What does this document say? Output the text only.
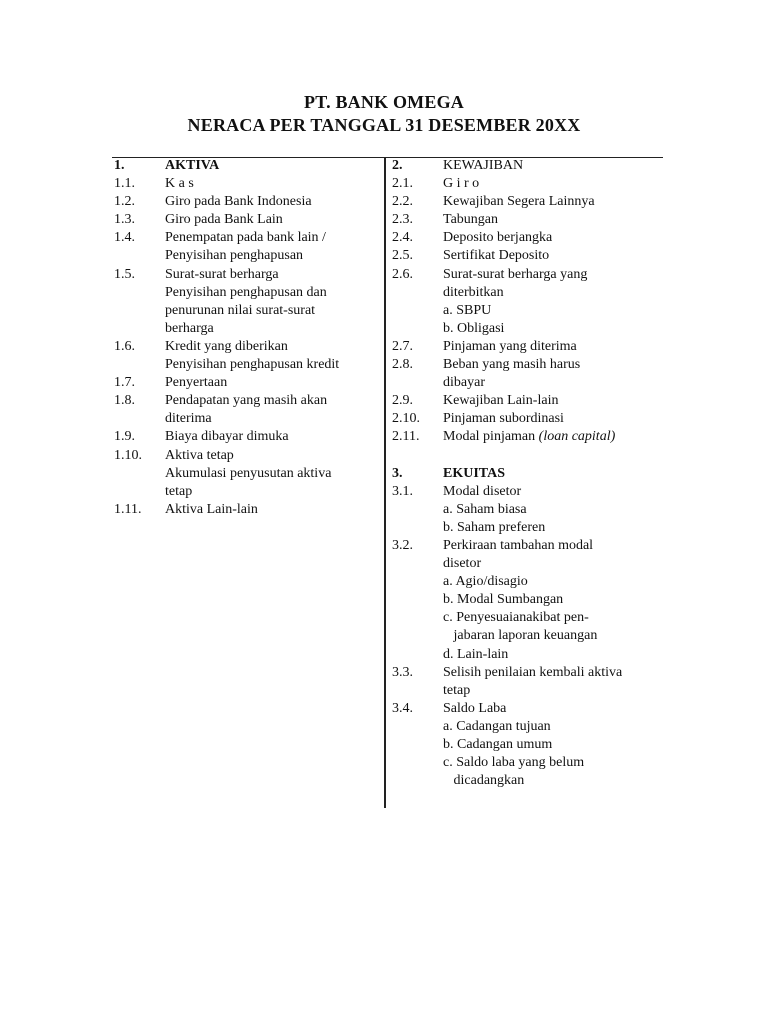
PT. BANK OMEGA
NERACA PER TANGGAL 31 DESEMBER 20XX
1.	AKTIVA
1.1.	K a s
1.2.	Giro pada Bank Indonesia
1.3.	Giro pada Bank Lain
1.4.	Penempatan pada bank lain /
Penyisihan penghapusan
1.5.	Surat-surat berharga
Penyisihan penghapusan dan
penurunan nilai surat-surat
berharga
1.6.	Kredit yang diberikan
Penyisihan penghapusan kredit
1.7.	Penyertaan
1.8.	Pendapatan yang masih akan
diterima
1.9.	Biaya dibayar dimuka
1.10.	Aktiva tetap
Akumulasi penyusutan aktiva
tetap
1.11.	Aktiva Lain-lain
2.	KEWAJIBAN
2.1.	G i r o
2.2.	Kewajiban Segera Lainnya
2.3.	Tabungan
2.4.	Deposito berjangka
2.5.	Sertifikat Deposito
2.6.	Surat-surat berharga yang
diterbitkan
a. SBPU
b. Obligasi
2.7.	Pinjaman yang diterima
2.8.	Beban yang masih harus
dibayar
2.9.	Kewajiban Lain-lain
2.10.	Pinjaman subordinasi
2.11.	Modal pinjaman (loan capital)
3.	EKUITAS
3.1.	Modal disetor
a. Saham biasa
b. Saham preferen
3.2.	Perkiraan tambahan modal
disetor
a. Agio/disagio
b. Modal Sumbangan
c. Penyesuaianakibat pen-
jabaran laporan keuangan
d. Lain-lain
3.3.	Selisih penilaian kembali aktiva
tetap
3.4.	Saldo Laba
a. Cadangan tujuan
b. Cadangan umum
c. Saldo laba yang belum
dicadangkan
